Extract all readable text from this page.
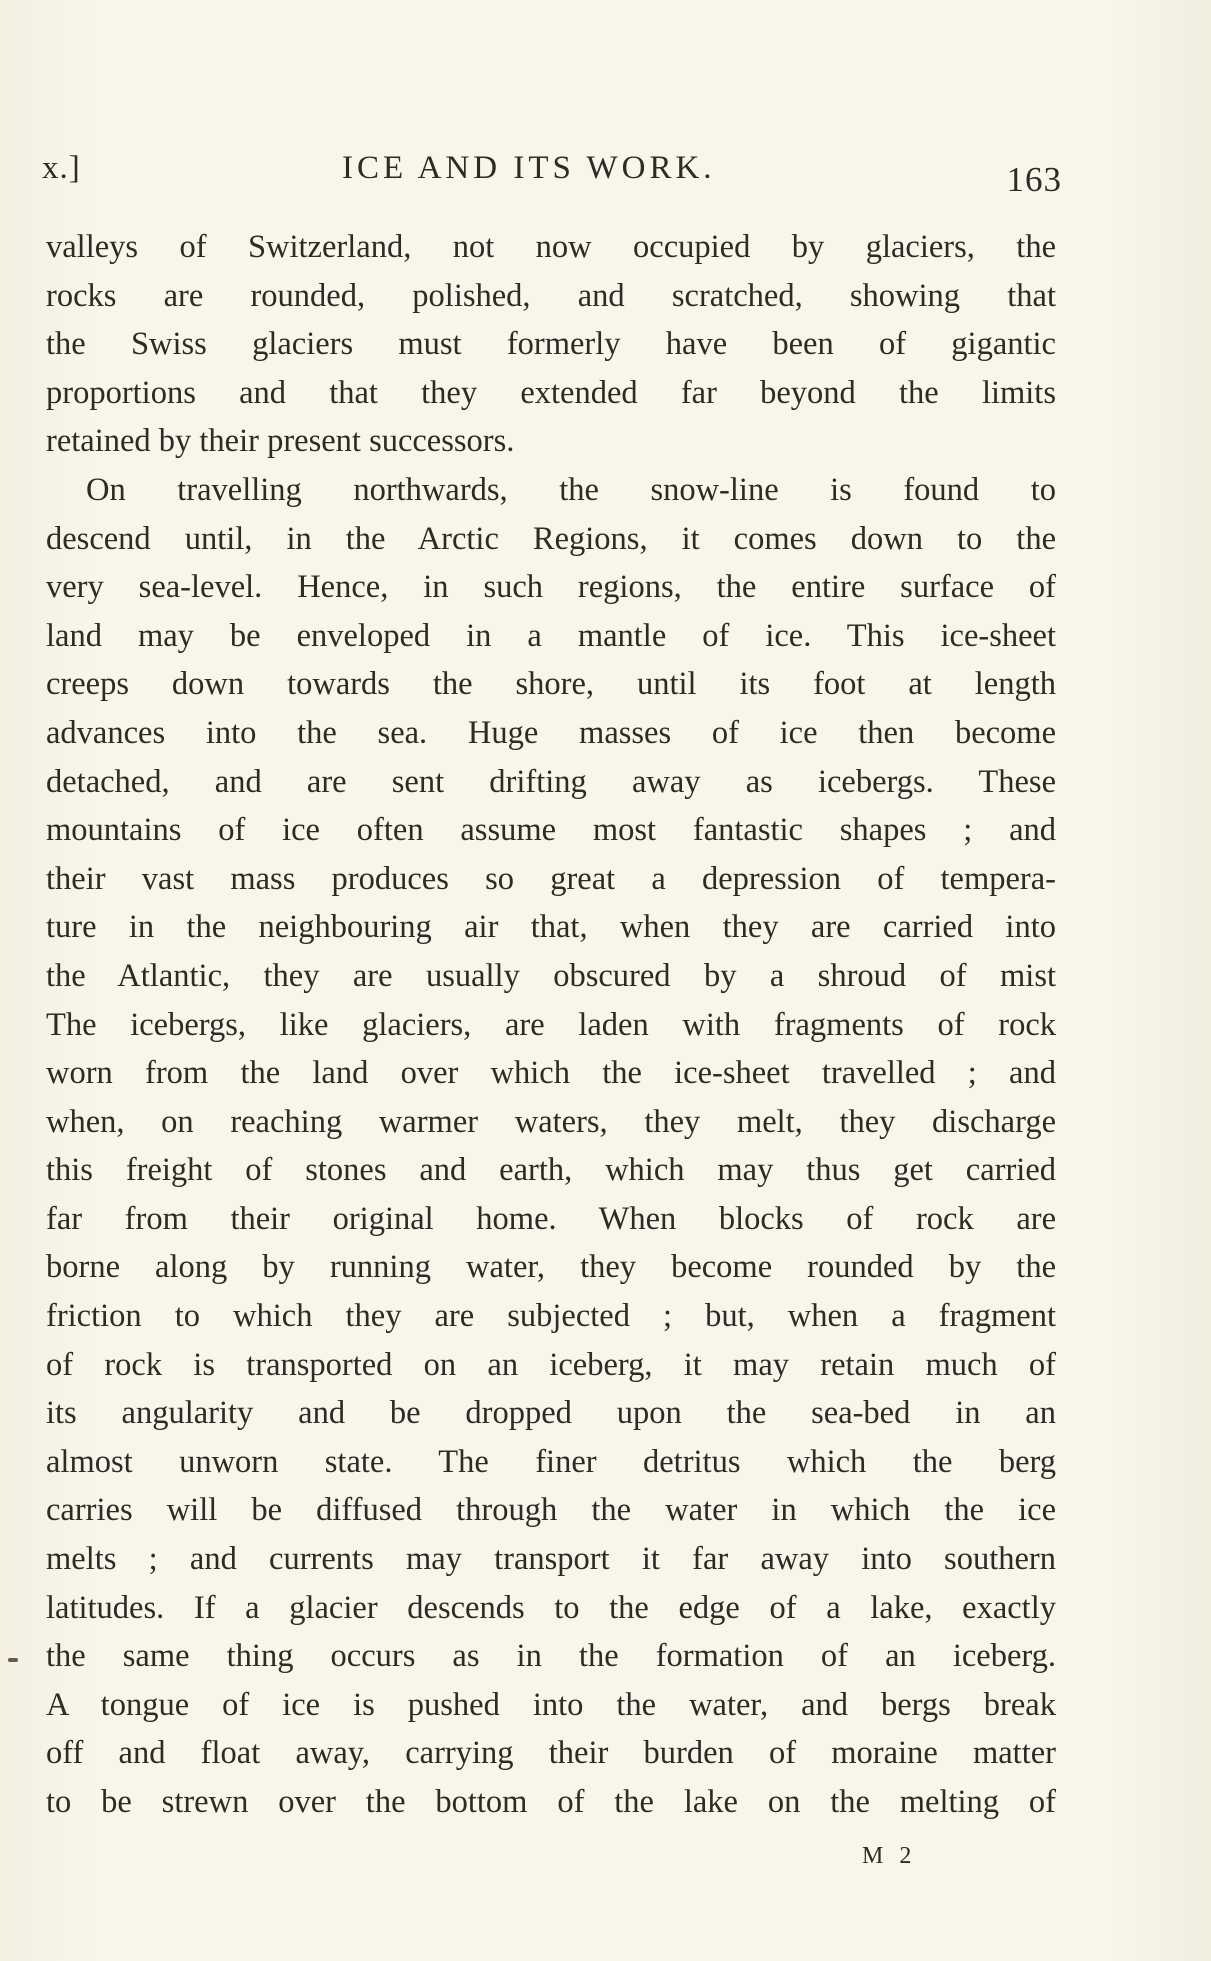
x.]	ICE AND ITS WORK.	163
valleys of Switzerland, not now occupied by glaciers, the
rocks are rounded, polished, and scratched, showing that
the Swiss glaciers must formerly have been of gigantic
proportions and that they extended far beyond the limits
retained by their present successors.
On travelling northwards, the snow-line is found to
descend until, in the Arctic Regions, it comes down to the
very sea-level. Hence, in such regions, the entire surface of
land may be enveloped in a mantle of ice. This ice-sheet
creeps down towards the shore, until its foot at length
advances into the sea. Huge masses of ice then become
detached, and are sent drifting away as icebergs. These
mountains of ice often assume most fantastic shapes ; and
their vast mass produces so great a depression of tempera-
ture in the neighbouring air that, when they are carried into
the Atlantic, they are usually obscured by a shroud of mist
The icebergs, like glaciers, are laden with fragments of rock
worn from the land over which the ice-sheet travelled ; and
when, on reaching warmer waters, they melt, they discharge
this freight of stones and earth, which may thus get carried
far from their original home. When blocks of rock are
borne along by running water, they become rounded by the
friction to which they are subjected ; but, when a fragment
of rock is transported on an iceberg, it may retain much of
its angularity and be dropped upon the sea-bed in an
almost unworn state. The finer detritus which the berg
carries will be diffused through the water in which the ice
melts ; and currents may transport it far away into southern
latitudes. If a glacier descends to the edge of a lake, exactly
the same thing occurs as in the formation of an iceberg.
A tongue of ice is pushed into the water, and bergs break
off and float away, carrying their burden of moraine matter
to be strewn over the bottom of the lake on the melting of
M 2
